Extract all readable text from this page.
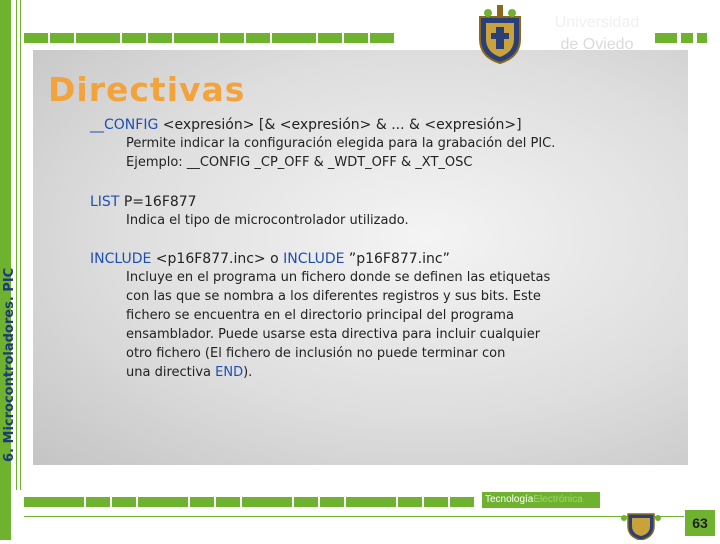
6. Microcontroladores. PIC
Universidad
de Oviedo
Directivas
__CONFIG <expresión> [& <expresión> & ... & <expresión>]
Permite indicar la configuración elegida para la grabación del PIC.
Ejemplo: __CONFIG _CP_OFF & _WDT_OFF & _XT_OSC
LIST P=16F877
Indica el tipo de microcontrolador utilizado.
INCLUDE <p16F877.inc> o INCLUDE ”p16F877.inc”
Incluye en el programa un fichero donde se definen las etiquetas
con las que se nombra a los diferentes registros y sus bits. Este
fichero se encuentra en el directorio principal del programa
ensamblador. Puede usarse esta directiva para incluir cualquier
otro fichero (El fichero de inclusión no puede terminar con
una directiva END).
TecnologíaElectrónica
63
